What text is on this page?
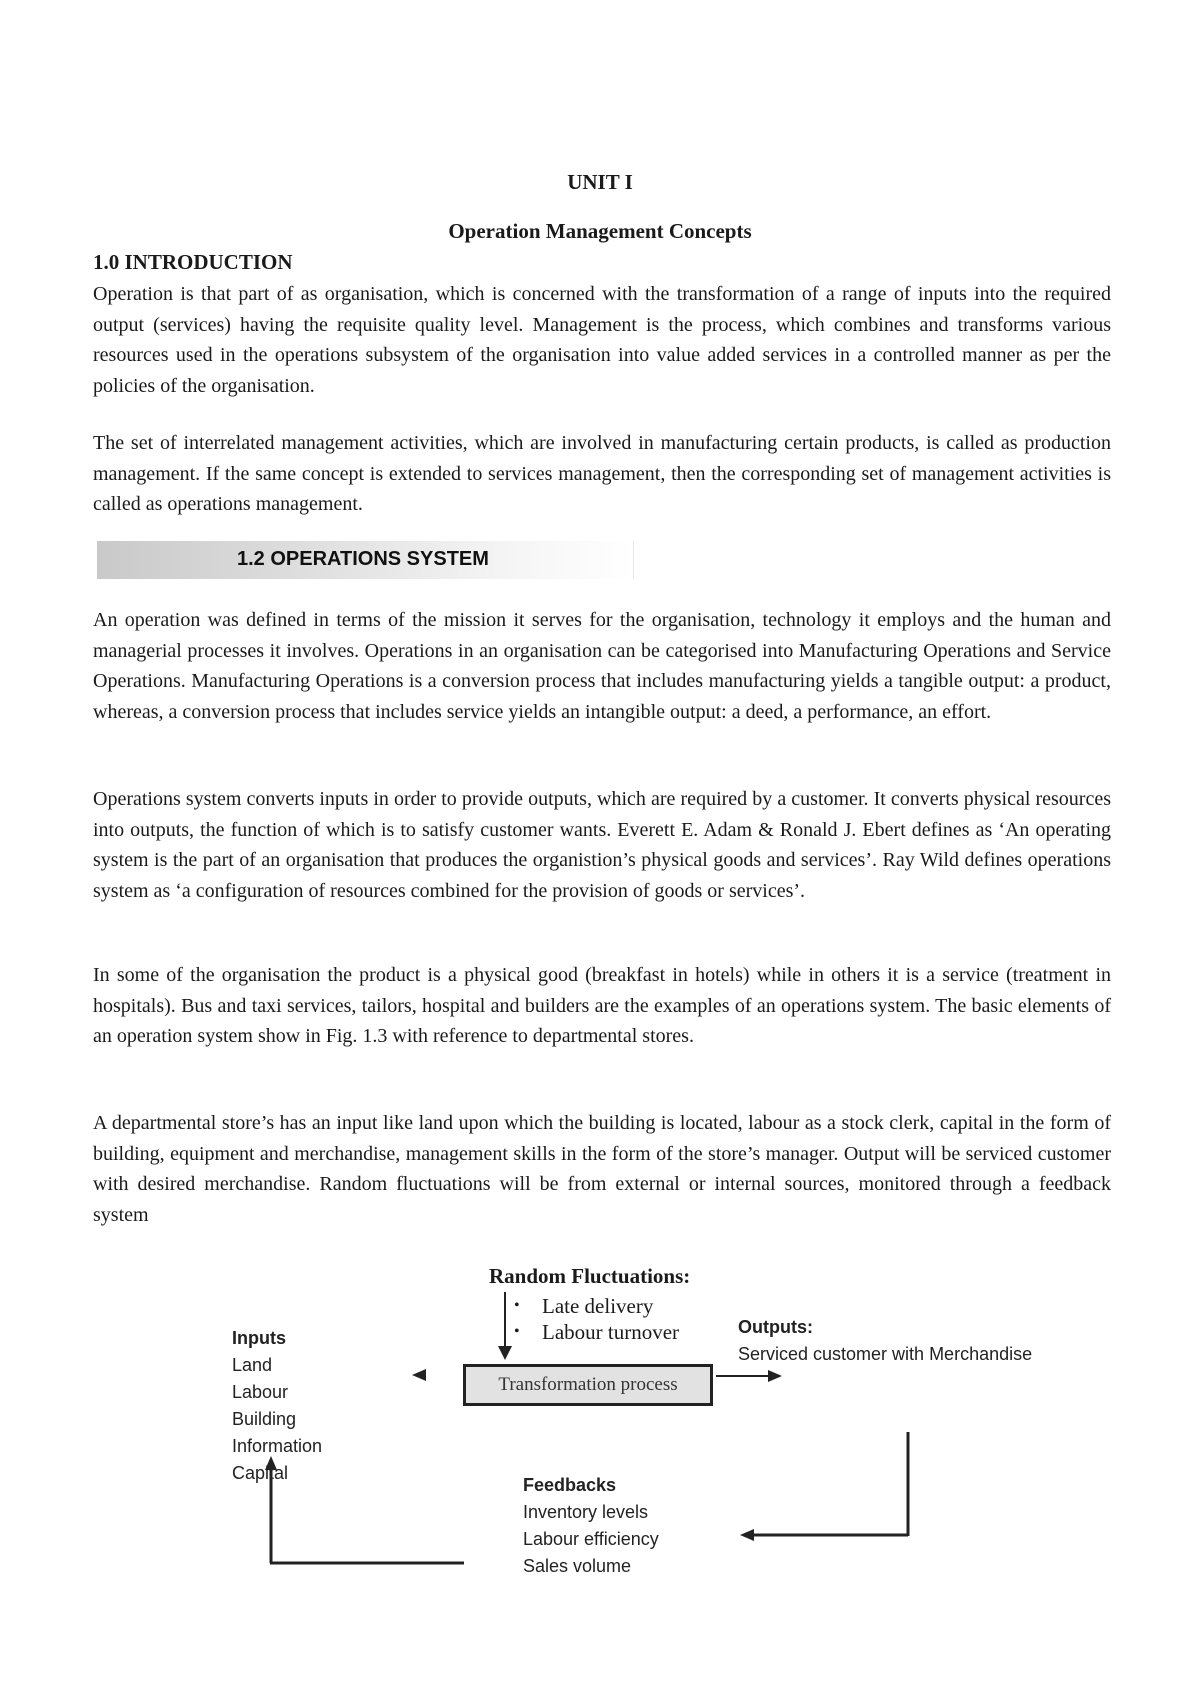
UNIT I
Operation Management Concepts
1.0 INTRODUCTION

Operation is that part of as organisation, which is concerned with the transformation of a range of inputs into the required output (services) having the requisite quality level. Management is the process, which combines and transforms various resources used in the operations subsystem of the organisation into value added services in a controlled manner as per the policies of the organisation.

The set of interrelated management activities, which are involved in manufacturing certain products, is called as production management. If the same concept is extended to services management, then the corresponding set of management activities is called as operations management.

1.2 OPERATIONS SYSTEM

An operation was defined in terms of the mission it serves for the organisation, technology it employs and the human and managerial processes it involves. Operations in an organisation can be categorised into Manufacturing Operations and Service Operations. Manufacturing Operations is a conversion process that includes manufacturing yields a tangible output: a product, whereas, a conversion process that includes service yields an intangible output: a deed, a performance, an effort.

Operations system converts inputs in order to provide outputs, which are required by a customer. It converts physical resources into outputs, the function of which is to satisfy customer wants. Everett E. Adam & Ronald J. Ebert defines as ‘An operating system is the part of an organisation that produces the organistion’s physical goods and services’. Ray Wild defines operations system as ‘a configuration of resources combined for the provision of goods or services’.

In some of the organisation the product is a physical good (breakfast in hotels) while in others it is a service (treatment in hospitals). Bus and taxi services, tailors, hospital and builders are the examples of an operations system. The basic elements of an operation system show in Fig. 1.3 with reference to departmental stores.

A departmental store’s has an input like land upon which the building is located, labour as a stock clerk, capital in the form of building, equipment and merchandise, management skills in the form of the store’s manager. Output will be serviced customer with desired merchandise. Random fluctuations will be from external or internal sources, monitored through a feedback system

Random Fluctuations:
• Late delivery
• Labour turnover
Inputs
Land
Labour
Building
Information
Capital
Transformation process
Outputs:
Serviced customer with Merchandise
Feedbacks
Inventory levels
Labour efficiency
Sales volume
